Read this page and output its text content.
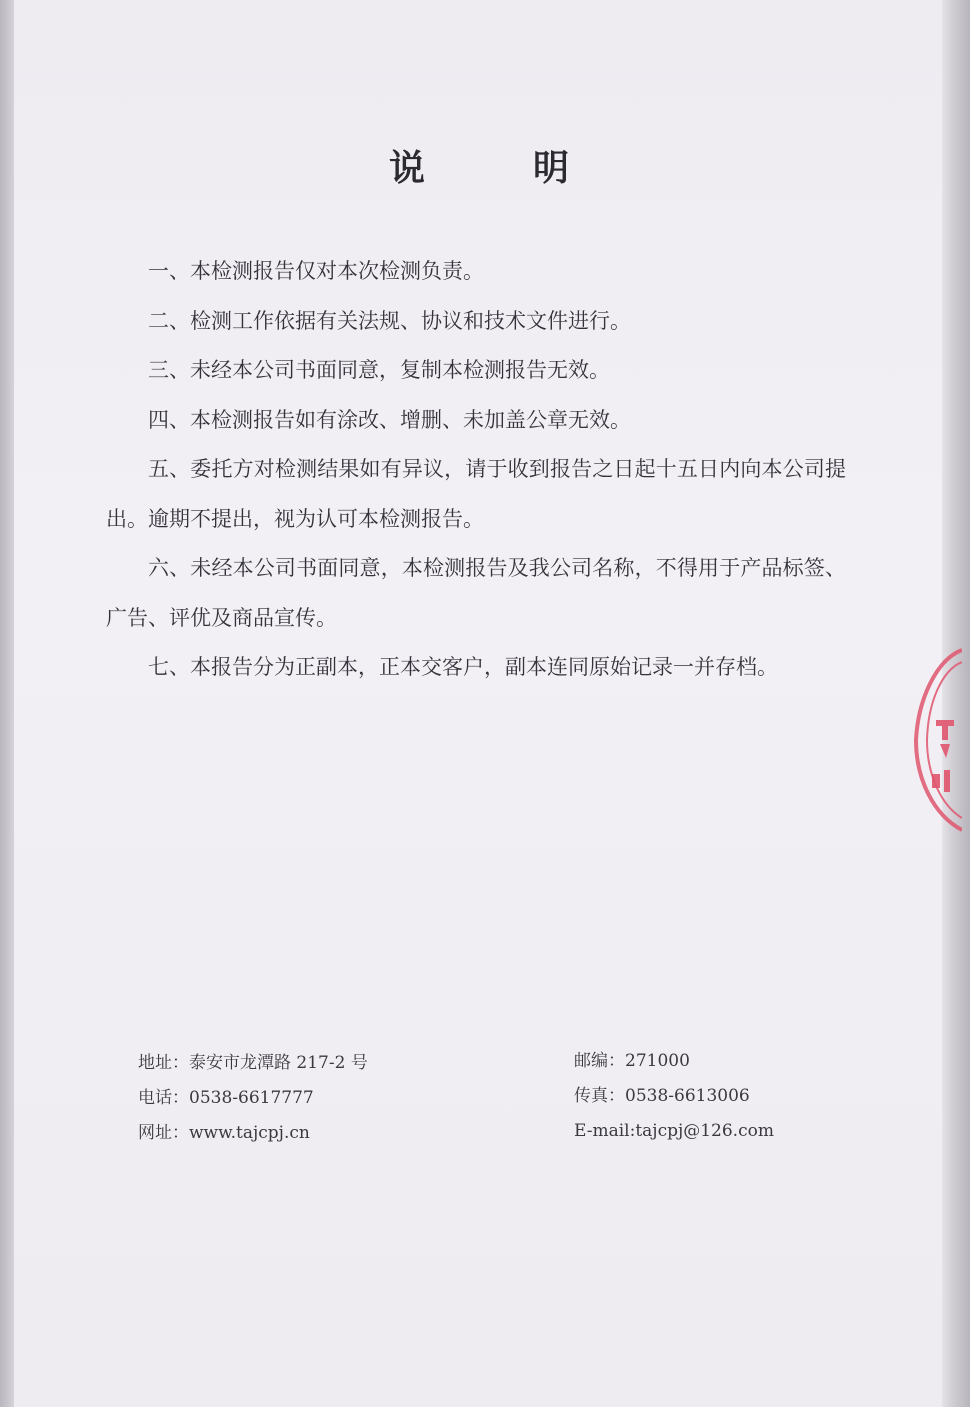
说　明

一、本检测报告仅对本次检测负责。

二、检测工作依据有关法规、协议和技术文件进行。

三、未经本公司书面同意，复制本检测报告无效。

四、本检测报告如有涂改、增删、未加盖公章无效。

五、委托方对检测结果如有异议，请于收到报告之日起十五日内向本公司提出。逾期不提出，视为认可本检测报告。

六、未经本公司书面同意，本检测报告及我公司名称，不得用于产品标签、广告、评优及商品宣传。

七、本报告分为正副本，正本交客户，副本连同原始记录一并存档。

地址：泰安市龙潭路 217-2 号
电话：0538-6617777
网址：www.tajcpj.cn
邮编：271000
传真：0538-6613006
E-mail:tajcpj@126.com
